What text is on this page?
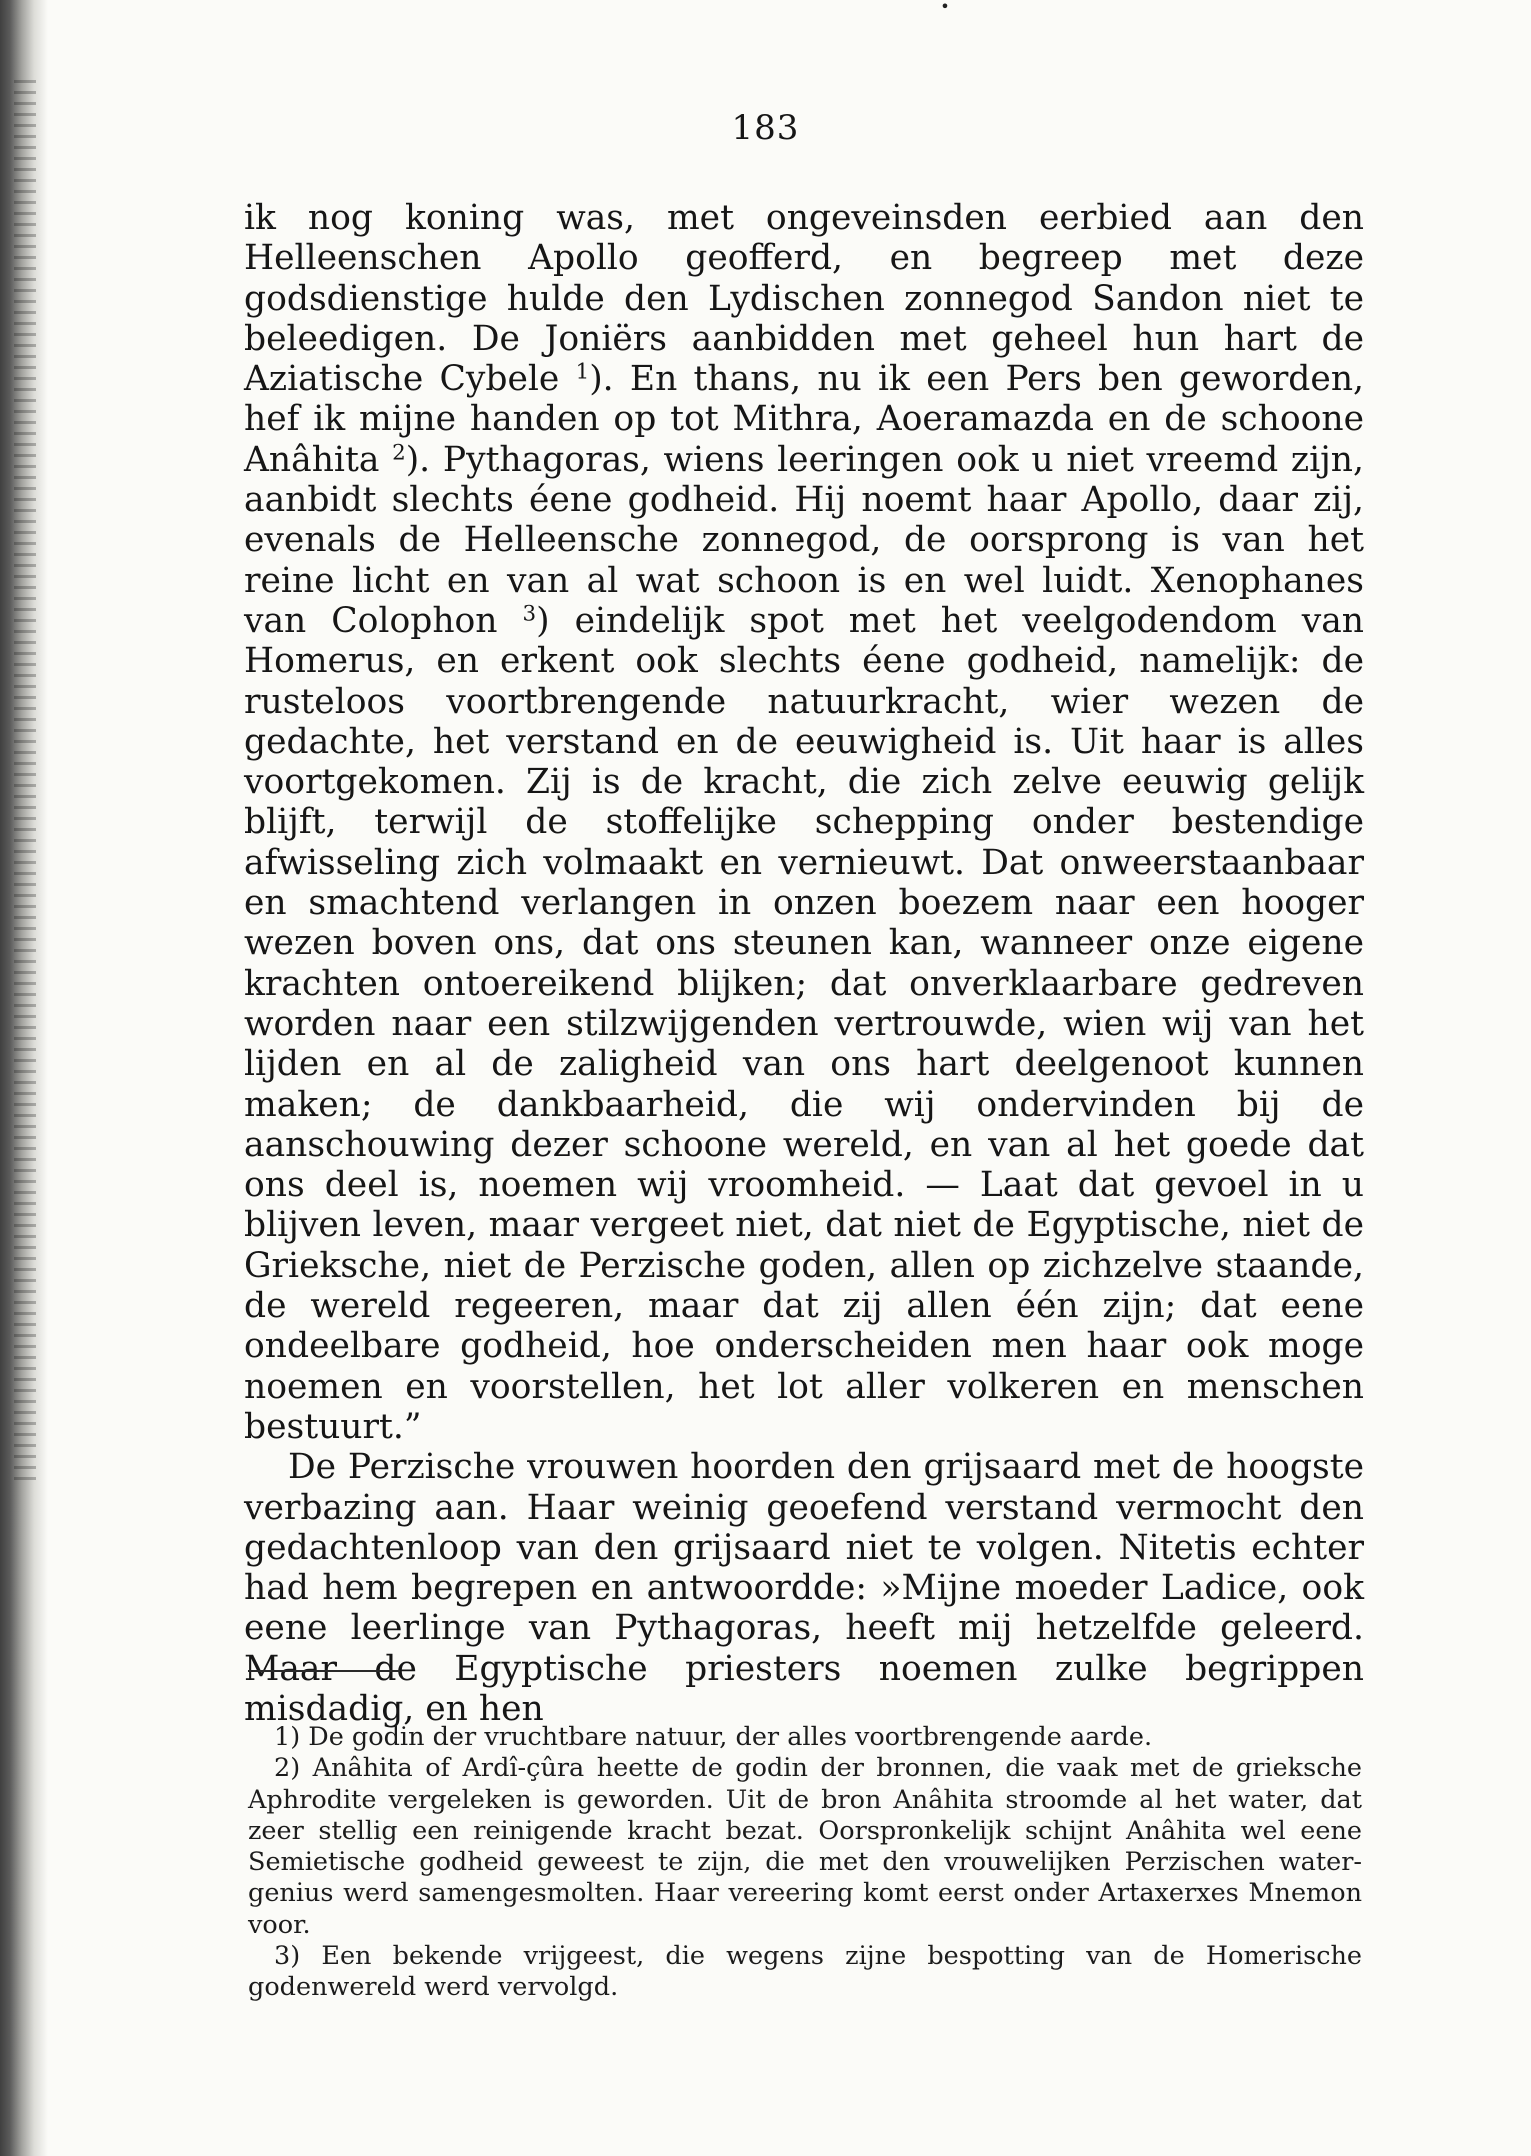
•
183

ik nog koning was, met ongeveinsden eerbied aan den Helleenschen Apollo geofferd, en begreep met deze godsdienstige hulde den Lydischen zonnegod Sandon niet te beleedigen. De Joniërs aanbidden met geheel hun hart de Aziatische Cybele $^1$). En thans, nu ik een Pers ben geworden, hef ik mijne handen op tot Mithra, Aoeramazda en de schoone Anâhita $^2$). Pythagoras, wiens leeringen ook u niet vreemd zijn, aanbidt slechts éene godheid. Hij noemt haar Apollo, daar zij, evenals de Helleensche zonnegod, de oorsprong is van het reine licht en van al wat schoon is en wel luidt. Xenophanes van Colophon $^3$) eindelijk spot met het veelgodendom van Homerus, en erkent ook slechts éene godheid, namelijk: de rusteloos voortbrengende natuurkracht, wier wezen de gedachte, het verstand en de eeuwigheid is. Uit haar is alles voortgekomen. Zij is de kracht, die zich zelve eeuwig gelijk blijft, terwijl de stoffelijke schepping onder bestendige afwisseling zich volmaakt en vernieuwt. Dat onweerstaanbaar en smachtend verlangen in onzen boezem naar een hooger wezen boven ons, dat ons steunen kan, wanneer onze eigene krachten ontoereikend blijken; dat onverklaarbare gedreven worden naar een stilzwijgenden vertrouwde, wien wij van het lijden en al de zaligheid van ons hart deelgenoot kunnen maken; de dankbaarheid, die wij ondervinden bij de aanschouwing dezer schoone wereld, en van al het goede dat ons deel is, noemen wij vroomheid. — Laat dat gevoel in u blijven leven, maar vergeet niet, dat niet de Egyptische, niet de Grieksche, niet de Perzische goden, allen op zichzelve staande, de wereld regeeren, maar dat zij allen één zijn; dat eene ondeelbare godheid, hoe onderscheiden men haar ook moge noemen en voorstellen, het lot aller volkeren en menschen bestuurt.”

De Perzische vrouwen hoorden den grijsaard met de hoogste verbazing aan. Haar weinig geoefend verstand vermocht den gedachtenloop van den grijsaard niet te volgen. Nitetis echter had hem begrepen en antwoordde: »Mijne moeder Ladice, ook eene leerlinge van Pythagoras, heeft mij hetzelfde geleerd. Maar de Egyptische priesters noemen zulke begrippen misdadig, en hen

1) De godin der vruchtbare natuur, der alles voortbrengende aarde.

2) Anâhita of Ardî-çûra heette de godin der bronnen, die vaak met de grieksche Aphrodite vergeleken is geworden. Uit de bron Anâhita stroomde al het water, dat zeer stellig een reinigende kracht bezat. Oorspronkelijk schijnt Anâhita wel eene Semietische godheid geweest te zijn, die met den vrouwelijken Perzischen water-genius werd samengesmolten. Haar vereering komt eerst onder Artaxerxes Mnemon voor.

3) Een bekende vrijgeest, die wegens zijne bespotting van de Homerische godenwereld werd vervolgd.
